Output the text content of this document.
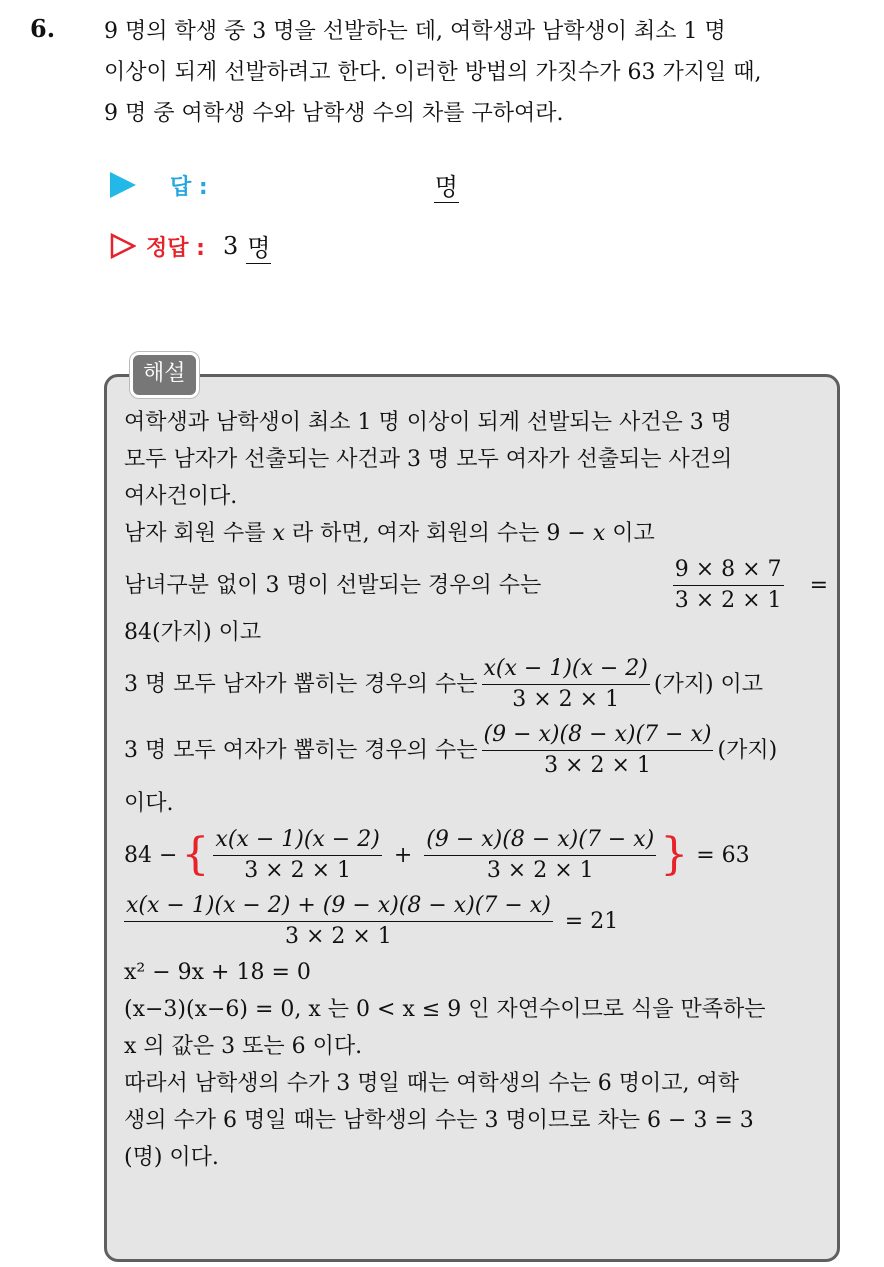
6. 9 명의 학생 중 3 명을 선발하는 데, 여학생과 남학생이 최소 1 명
이상이 되게 선발하려고 한다. 이러한 방법의 가짓수가 63 가지일 때,
9 명 중 여학생 수와 남학생 수의 차를 구하여라.
답 :	명
정답 : 3 명
해설
여학생과 남학생이 최소 1 명 이상이 되게 선발되는 사건은 3 명
모두 남자가 선출되는 사건과 3 명 모두 여자가 선출되는 사건의
여사건이다.
남자 회원 수를 x 라 하면, 여자 회원의 수는 9 − x 이고
남녀구분 없이 3 명이 선발되는 경우의 수는	$\frac{9 \times 8 \times 7}{3 \times 2 \times 1}$ =
84(가지) 이고
3 명 모두 남자가 뽑히는 경우의 수는 $\frac{x(x - 1)(x - 2)}{3 \times 2 \times 1}$ (가지) 이고
3 명 모두 여자가 뽑히는 경우의 수는 $\frac{(9 - x)(8 - x)(7 - x)}{3 \times 2 \times 1}$ (가지)
이다.
84 − { $\frac{x(x - 1)(x - 2)}{3 \times 2 \times 1} + \frac{(9 - x)(8 - x)(7 - x)}{3 \times 2 \times 1}$ } = 63
$\frac{x(x - 1)(x - 2) + (9 - x)(8 - x)(7 - x)}{3 \times 2 \times 1} = 21$
x² − 9x + 18 = 0
(x−3)(x−6) = 0, x 는 0 < x ≤ 9 인 자연수이므로 식을 만족하는
x 의 값은 3 또는 6 이다.
따라서 남학생의 수가 3 명일 때는 여학생의 수는 6 명이고, 여학
생의 수가 6 명일 때는 남학생의 수는 3 명이므로 차는 6 − 3 = 3
(명) 이다.
